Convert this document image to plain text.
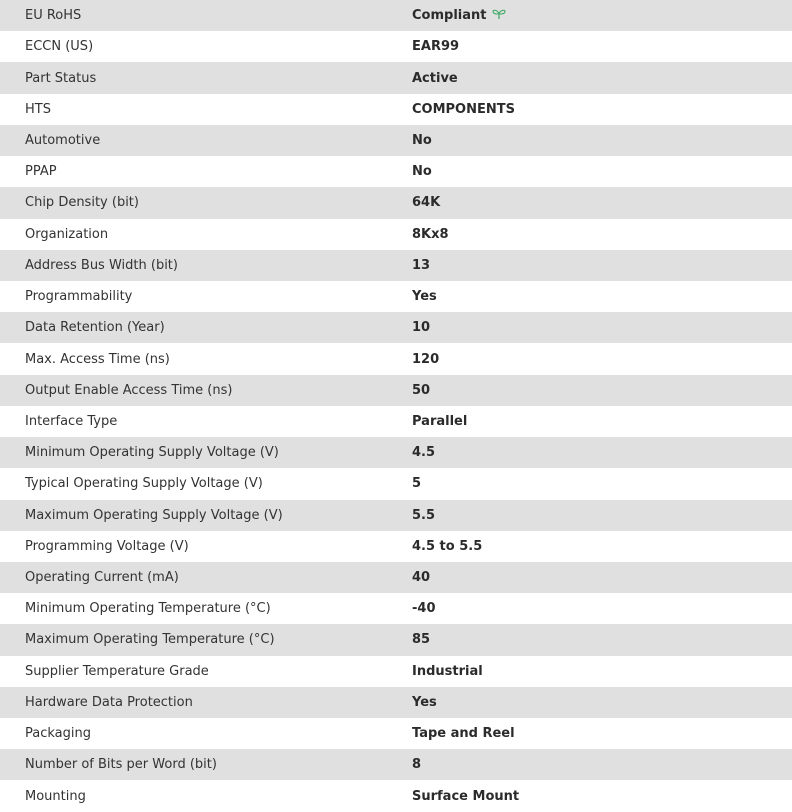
EU RoHS	Compliant
ECCN (US)	EAR99
Part Status	Active
HTS	COMPONENTS
Automotive	No
PPAP	No
Chip Density (bit)	64K
Organization	8Kx8
Address Bus Width (bit)	13
Programmability	Yes
Data Retention (Year)	10
Max. Access Time (ns)	120
Output Enable Access Time (ns)	50
Interface Type	Parallel
Minimum Operating Supply Voltage (V)	4.5
Typical Operating Supply Voltage (V)	5
Maximum Operating Supply Voltage (V)	5.5
Programming Voltage (V)	4.5 to 5.5
Operating Current (mA)	40
Minimum Operating Temperature (°C)	-40
Maximum Operating Temperature (°C)	85
Supplier Temperature Grade	Industrial
Hardware Data Protection	Yes
Packaging	Tape and Reel
Number of Bits per Word (bit)	8
Mounting	Surface Mount
